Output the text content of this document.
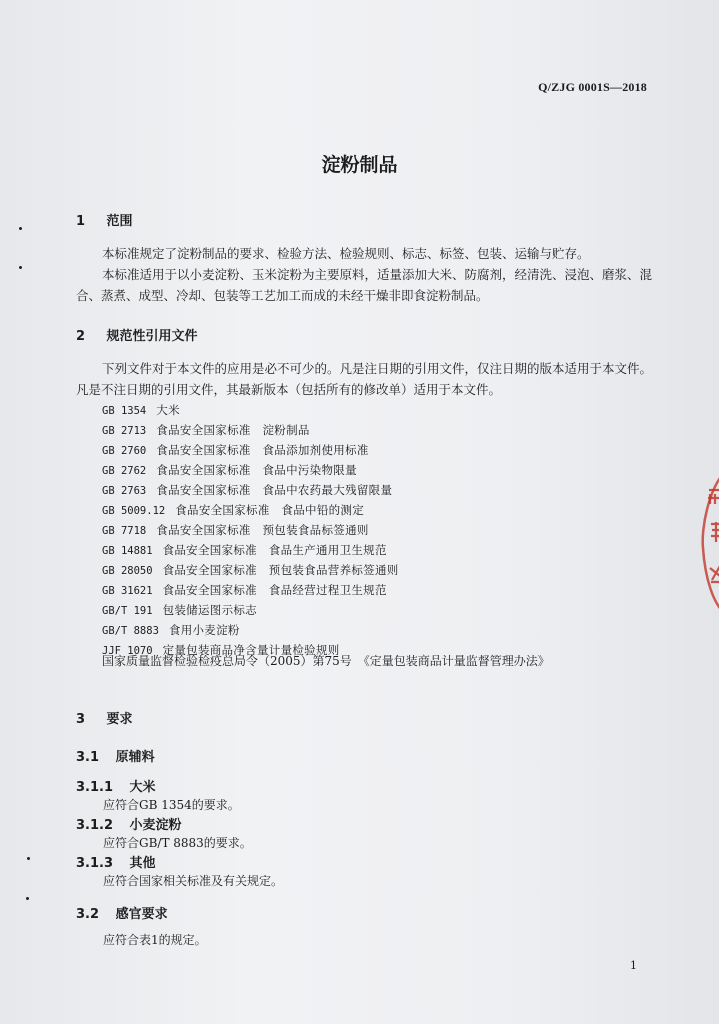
Q/ZJG 0001S—2018
淀粉制品
1 范围
本标准规定了淀粉制品的要求、检验方法、检验规则、标志、标签、包装、运输与贮存。
本标准适用于以小麦淀粉、玉米淀粉为主要原料，适量添加大米、防腐剂，经清洗、浸泡、磨浆、混合、蒸煮、成型、冷却、包装等工艺加工而成的未经干燥非即食淀粉制品。
2 规范性引用文件
下列文件对于本文件的应用是必不可少的。凡是注日期的引用文件，仅注日期的版本适用于本文件。凡是不注日期的引用文件，其最新版本（包括所有的修改单）适用于本文件。
GB 1354 大米
GB 2713 食品安全国家标准　淀粉制品
GB 2760 食品安全国家标准　食品添加剂使用标准
GB 2762 食品安全国家标准　食品中污染物限量
GB 2763 食品安全国家标准　食品中农药最大残留限量
GB 5009.12 食品安全国家标准　食品中铅的测定
GB 7718 食品安全国家标准　预包装食品标签通则
GB 14881 食品安全国家标准　食品生产通用卫生规范
GB 28050 食品安全国家标准　预包装食品营养标签通则
GB 31621 食品安全国家标准　食品经营过程卫生规范
GB/T 191 包装储运图示标志
GB/T 8883 食用小麦淀粉
JJF 1070 定量包装商品净含量计量检验规则
国家质量监督检验检疫总局令（2005）第75号　《定量包装商品计量监督管理办法》
3 要求
3.1 原辅料
3.1.1 大米
应符合GB 1354的要求。
3.1.2 小麦淀粉
应符合GB/T 8883的要求。
3.1.3 其他
应符合国家相关标准及有关规定。
3.2 感官要求
应符合表1的规定。
1
